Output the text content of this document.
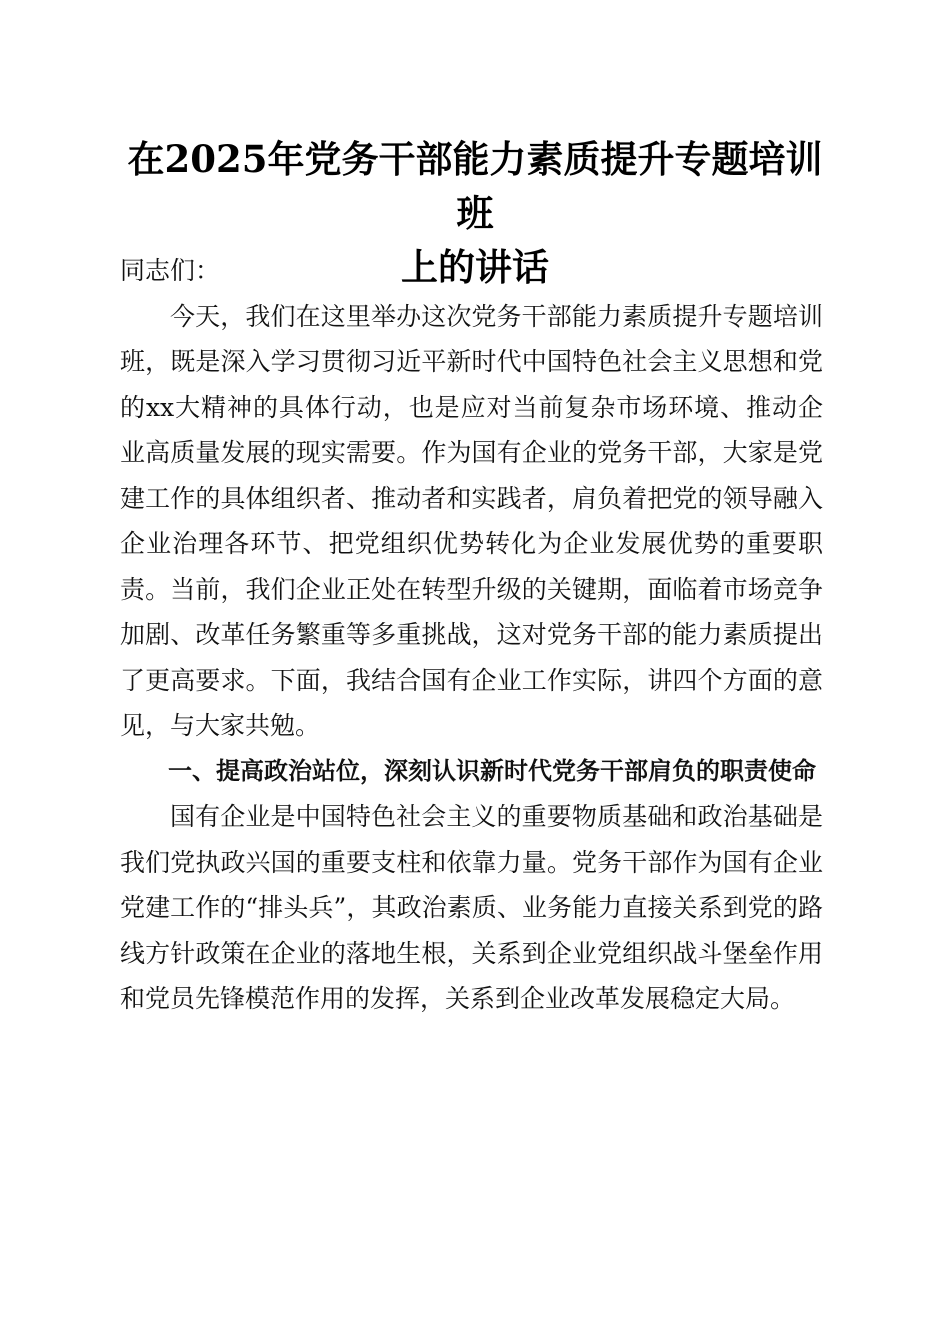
在2025年党务干部能力素质提升专题培训班
上的讲话

同志们：

今天，我们在这里举办这次党务干部能力素质提升专题培训班，既是深入学习贯彻习近平新时代中国特色社会主义思想和党的xx大精神的具体行动，也是应对当前复杂市场环境、推动企业高质量发展的现实需要。作为国有企业的党务干部，大家是党建工作的具体组织者、推动者和实践者，肩负着把党的领导融入企业治理各环节、把党组织优势转化为企业发展优势的重要职责。当前，我们企业正处在转型升级的关键期，面临着市场竞争加剧、改革任务繁重等多重挑战，这对党务干部的能力素质提出了更高要求。下面，我结合国有企业工作实际，讲四个方面的意见，与大家共勉。

一、提高政治站位，深刻认识新时代党务干部肩负的职责使命

国有企业是中国特色社会主义的重要物质基础和政治基础是我们党执政兴国的重要支柱和依靠力量。党务干部作为国有企业党建工作的“排头兵”，其政治素质、业务能力直接关系到党的路线方针政策在企业的落地生根，关系到企业党组织战斗堡垒作用和党员先锋模范作用的发挥，关系到企业改革发展稳定大局。
